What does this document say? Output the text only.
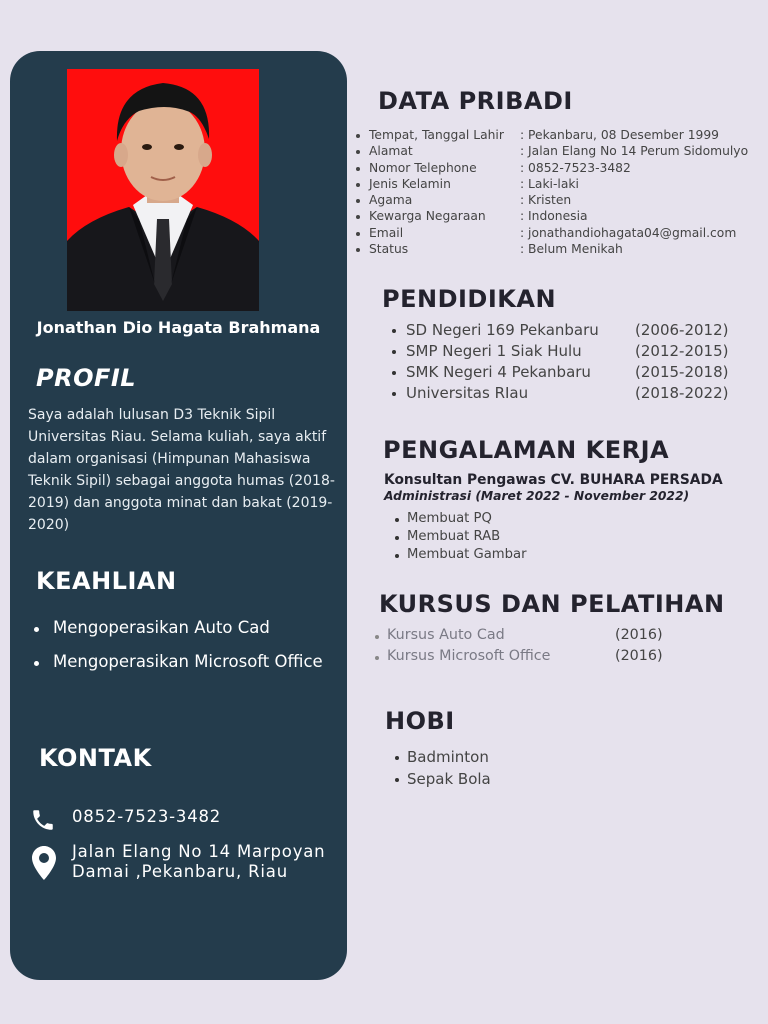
Jonathan Dio Hagata Brahmana
PROFIL
Saya adalah lulusan D3 Teknik Sipil Universitas Riau. Selama kuliah, saya aktif dalam organisasi (Himpunan Mahasiswa Teknik Sipil) sebagai anggota humas (2018-2019) dan anggota minat dan bakat (2019-2020)
KEAHLIAN
Mengoperasikan Auto Cad
Mengoperasikan Microsoft Office
KONTAK
0852-7523-3482
Jalan Elang No 14 Marpoyan
Damai ,Pekanbaru, Riau
DATA PRIBADI
Tempat, Tanggal Lahir : Pekanbaru, 08 Desember 1999
Alamat	: Jalan Elang No 14 Perum Sidomulyo
Nomor Telephone	: 0852-7523-3482
Jenis Kelamin	: Laki-laki
Agama	: Kristen
Kewarga Negaraan	: Indonesia
Email	: jonathandiohagata04@gmail.com
Status	: Belum Menikah
PENDIDIKAN
SD Negeri 169 Pekanbaru (2006-2012)
SMP Negeri 1 Siak Hulu	(2012-2015)
SMK Negeri 4 Pekanbaru	(2015-2018)
Universitas RIau	(2018-2022)
PENGALAMAN KERJA
Konsultan Pengawas CV. BUHARA PERSADA
Administrasi (Maret 2022 - November 2022)
Membuat PQ
Membuat RAB
Membuat Gambar
KURSUS DAN PELATIHAN
Kursus Auto Cad	(2016)
Kursus Microsoft Office	(2016)
HOBI
Badminton
Sepak Bola
